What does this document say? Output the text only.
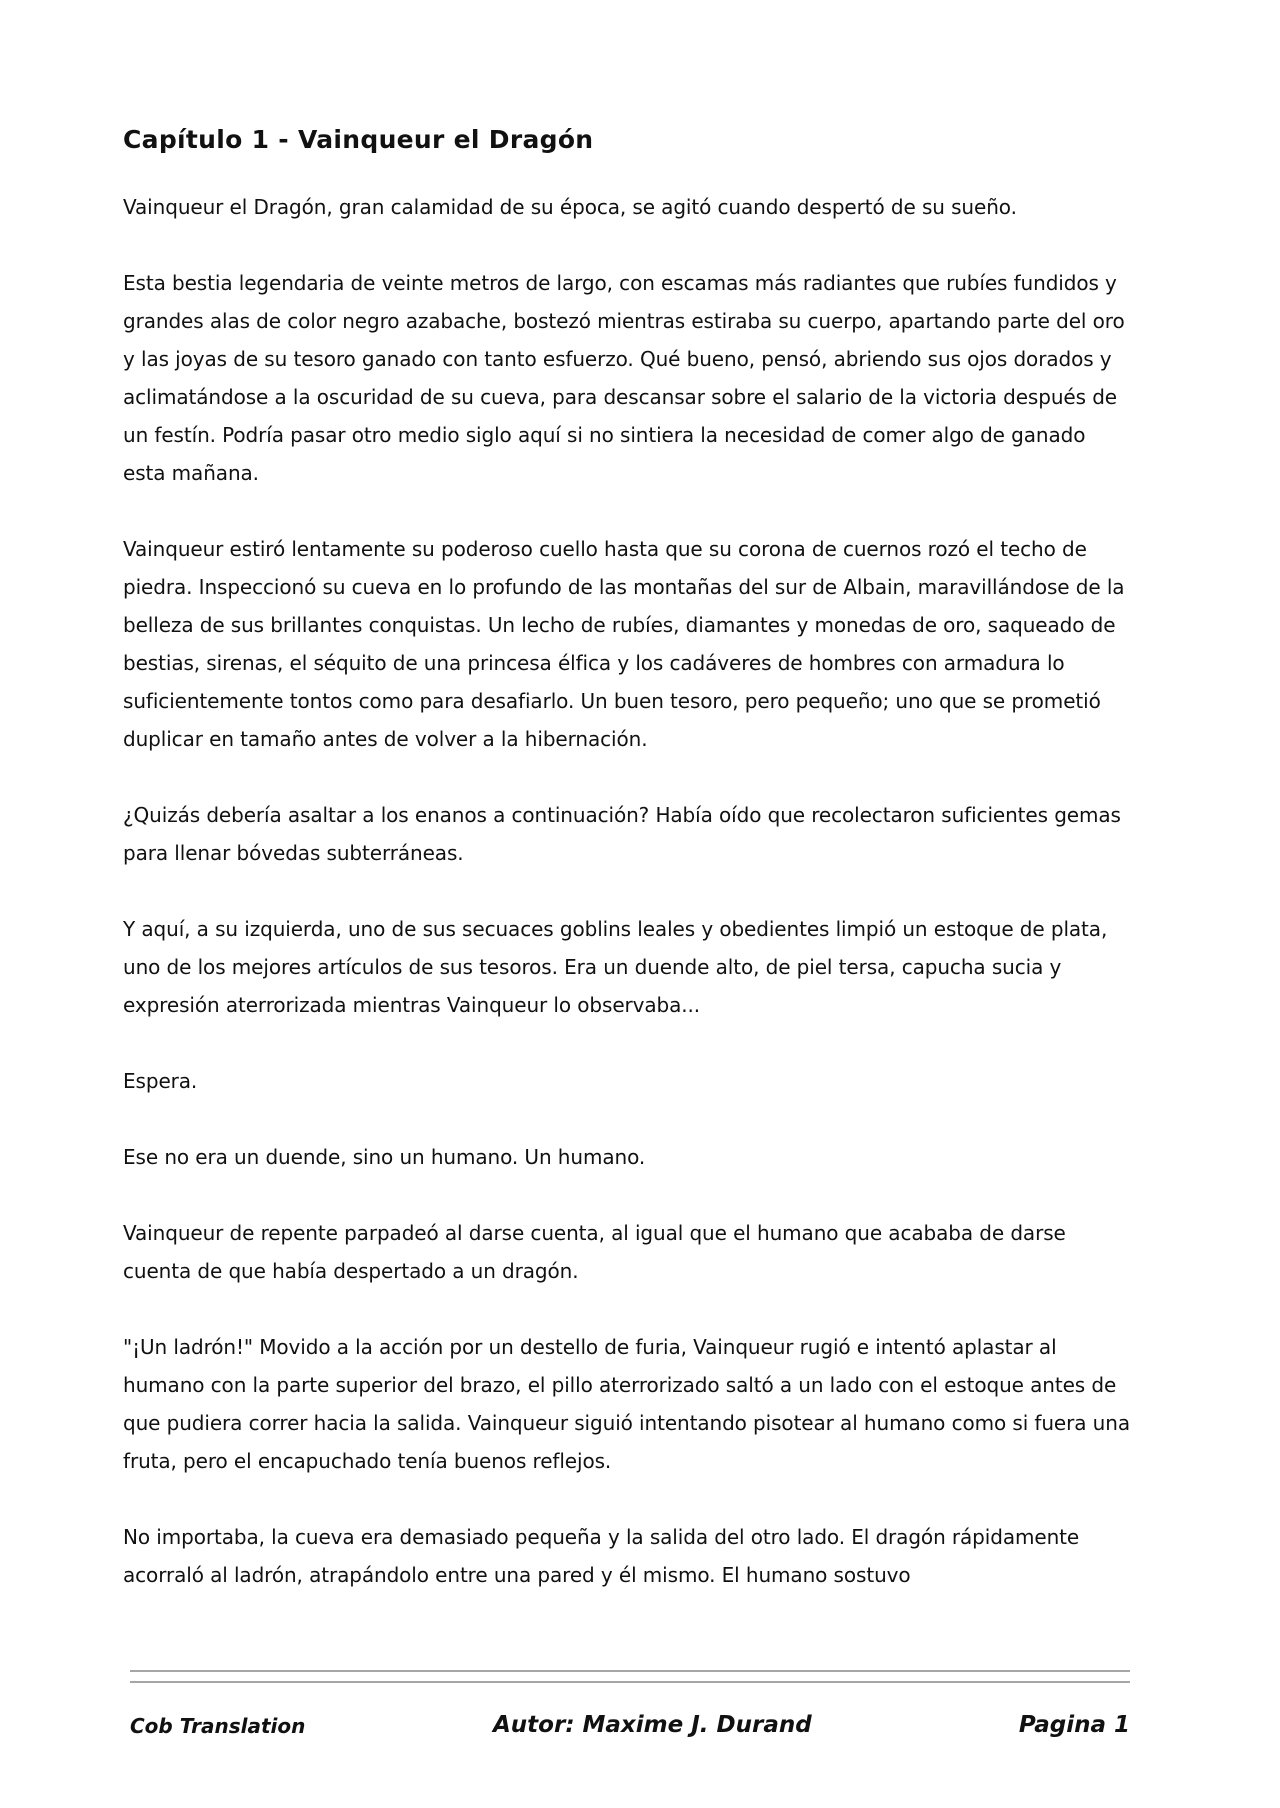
Capítulo 1 - Vainqueur el Dragón

Vainqueur el Dragón, gran calamidad de su época, se agitó cuando despertó de su sueño.

Esta bestia legendaria de veinte metros de largo, con escamas más radiantes que rubíes fundidos y grandes alas de color negro azabache, bostezó mientras estiraba su cuerpo, apartando parte del oro y las joyas de su tesoro ganado con tanto esfuerzo. Qué bueno, pensó, abriendo sus ojos dorados y aclimatándose a la oscuridad de su cueva, para descansar sobre el salario de la victoria después de un festín. Podría pasar otro medio siglo aquí si no sintiera la necesidad de comer algo de ganado esta mañana.

Vainqueur estiró lentamente su poderoso cuello hasta que su corona de cuernos rozó el techo de piedra. Inspeccionó su cueva en lo profundo de las montañas del sur de Albain, maravillándose de la belleza de sus brillantes conquistas. Un lecho de rubíes, diamantes y monedas de oro, saqueado de bestias, sirenas, el séquito de una princesa élfica y los cadáveres de hombres con armadura lo suficientemente tontos como para desafiarlo. Un buen tesoro, pero pequeño; uno que se prometió duplicar en tamaño antes de volver a la hibernación.

¿Quizás debería asaltar a los enanos a continuación? Había oído que recolectaron suficientes gemas para llenar bóvedas subterráneas.

Y aquí, a su izquierda, uno de sus secuaces goblins leales y obedientes limpió un estoque de plata, uno de los mejores artículos de sus tesoros. Era un duende alto, de piel tersa, capucha sucia y expresión aterrorizada mientras Vainqueur lo observaba...

Espera.

Ese no era un duende, sino un humano. Un humano.

Vainqueur de repente parpadeó al darse cuenta, al igual que el humano que acababa de darse cuenta de que había despertado a un dragón.

"¡Un ladrón!" Movido a la acción por un destello de furia, Vainqueur rugió e intentó aplastar al humano con la parte superior del brazo, el pillo aterrorizado saltó a un lado con el estoque antes de que pudiera correr hacia la salida. Vainqueur siguió intentando pisotear al humano como si fuera una fruta, pero el encapuchado tenía buenos reflejos.

No importaba, la cueva era demasiado pequeña y la salida del otro lado. El dragón rápidamente acorraló al ladrón, atrapándolo entre una pared y él mismo. El humano sostuvo

Cob Translation	Autor: Maxime J. Durand	Pagina 1
